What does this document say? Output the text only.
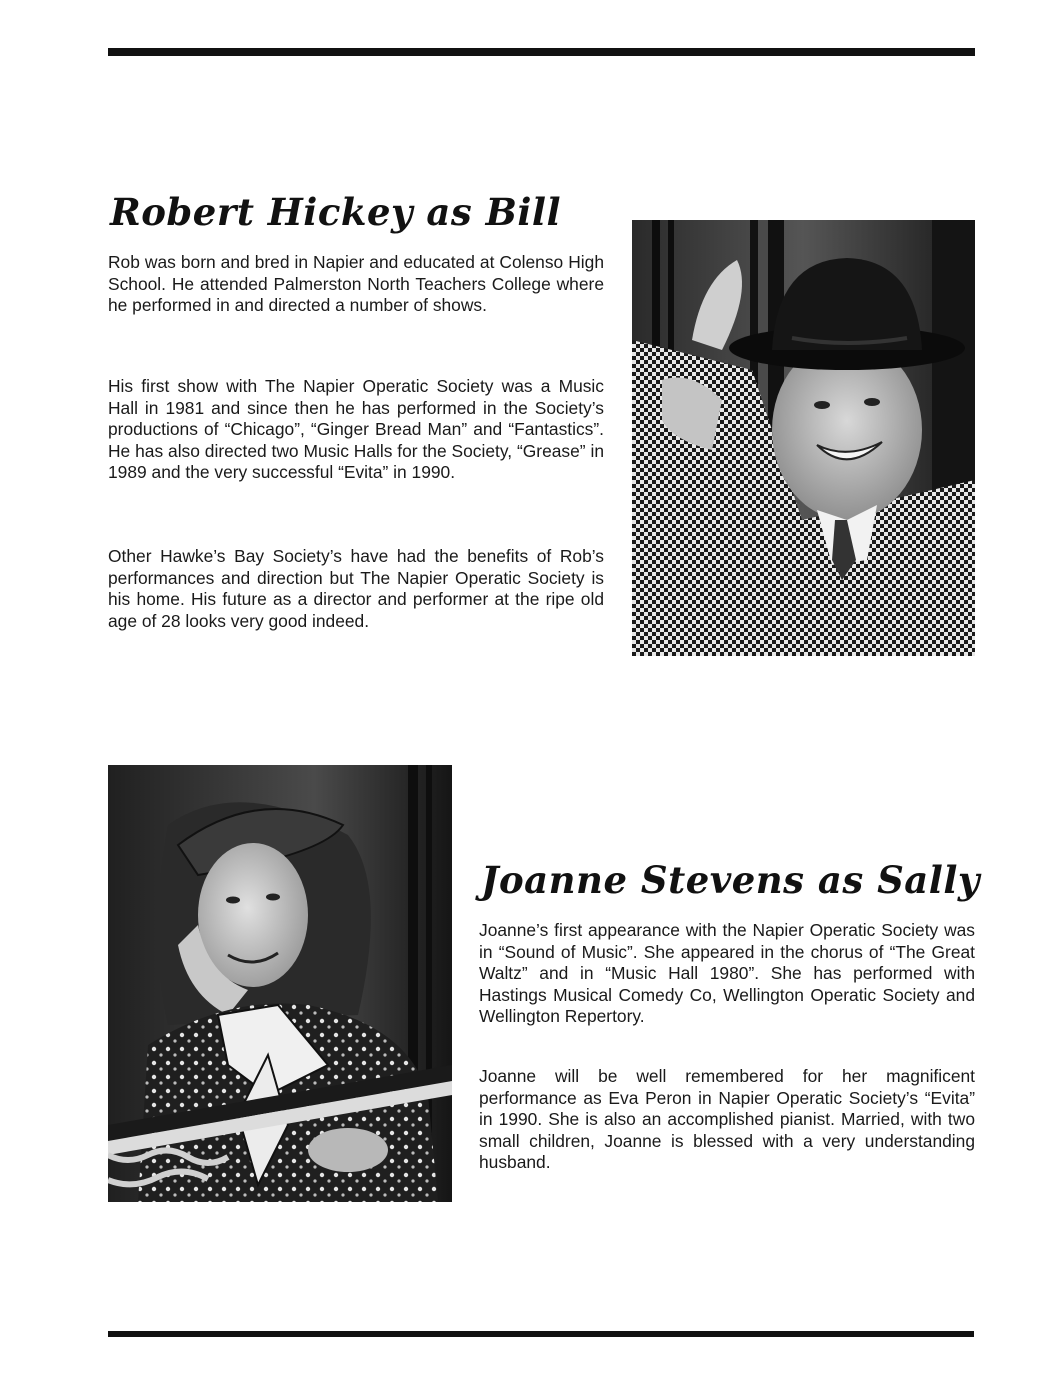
Robert Hickey as Bill

Rob was born and bred in Napier and educated at Colenso High School. He attended Palmerston North Teachers College where he performed in and directed a number of shows.

His first show with The Napier Operatic Society was a Music Hall in 1981 and since then he has performed in the Society’s productions of “Chicago”, “Ginger Bread Man” and “Fantastics”. He has also directed two Music Halls for the Society, “Grease” in 1989 and the very successful “Evita” in 1990.

Other Hawke’s Bay Society’s have had the benefits of Rob’s performances and direction but The Napier Operatic Society is his home. His future as a director and performer at the ripe old age of 28 looks very good indeed.

Joanne Stevens as Sally

Joanne’s first appearance with the Napier Operatic Society was in “Sound of Music”. She appeared in the chorus of “The Great Waltz” and in “Music Hall 1980”. She has performed with Hastings Musical Comedy Co, Wellington Operatic Society and Wellington Repertory.

Joanne will be well remembered for her magnificent performance as Eva Peron in Napier Operatic Society’s “Evita” in 1990. She is also an accomplished pianist. Married, with two small children, Joanne is blessed with a very understanding husband.
